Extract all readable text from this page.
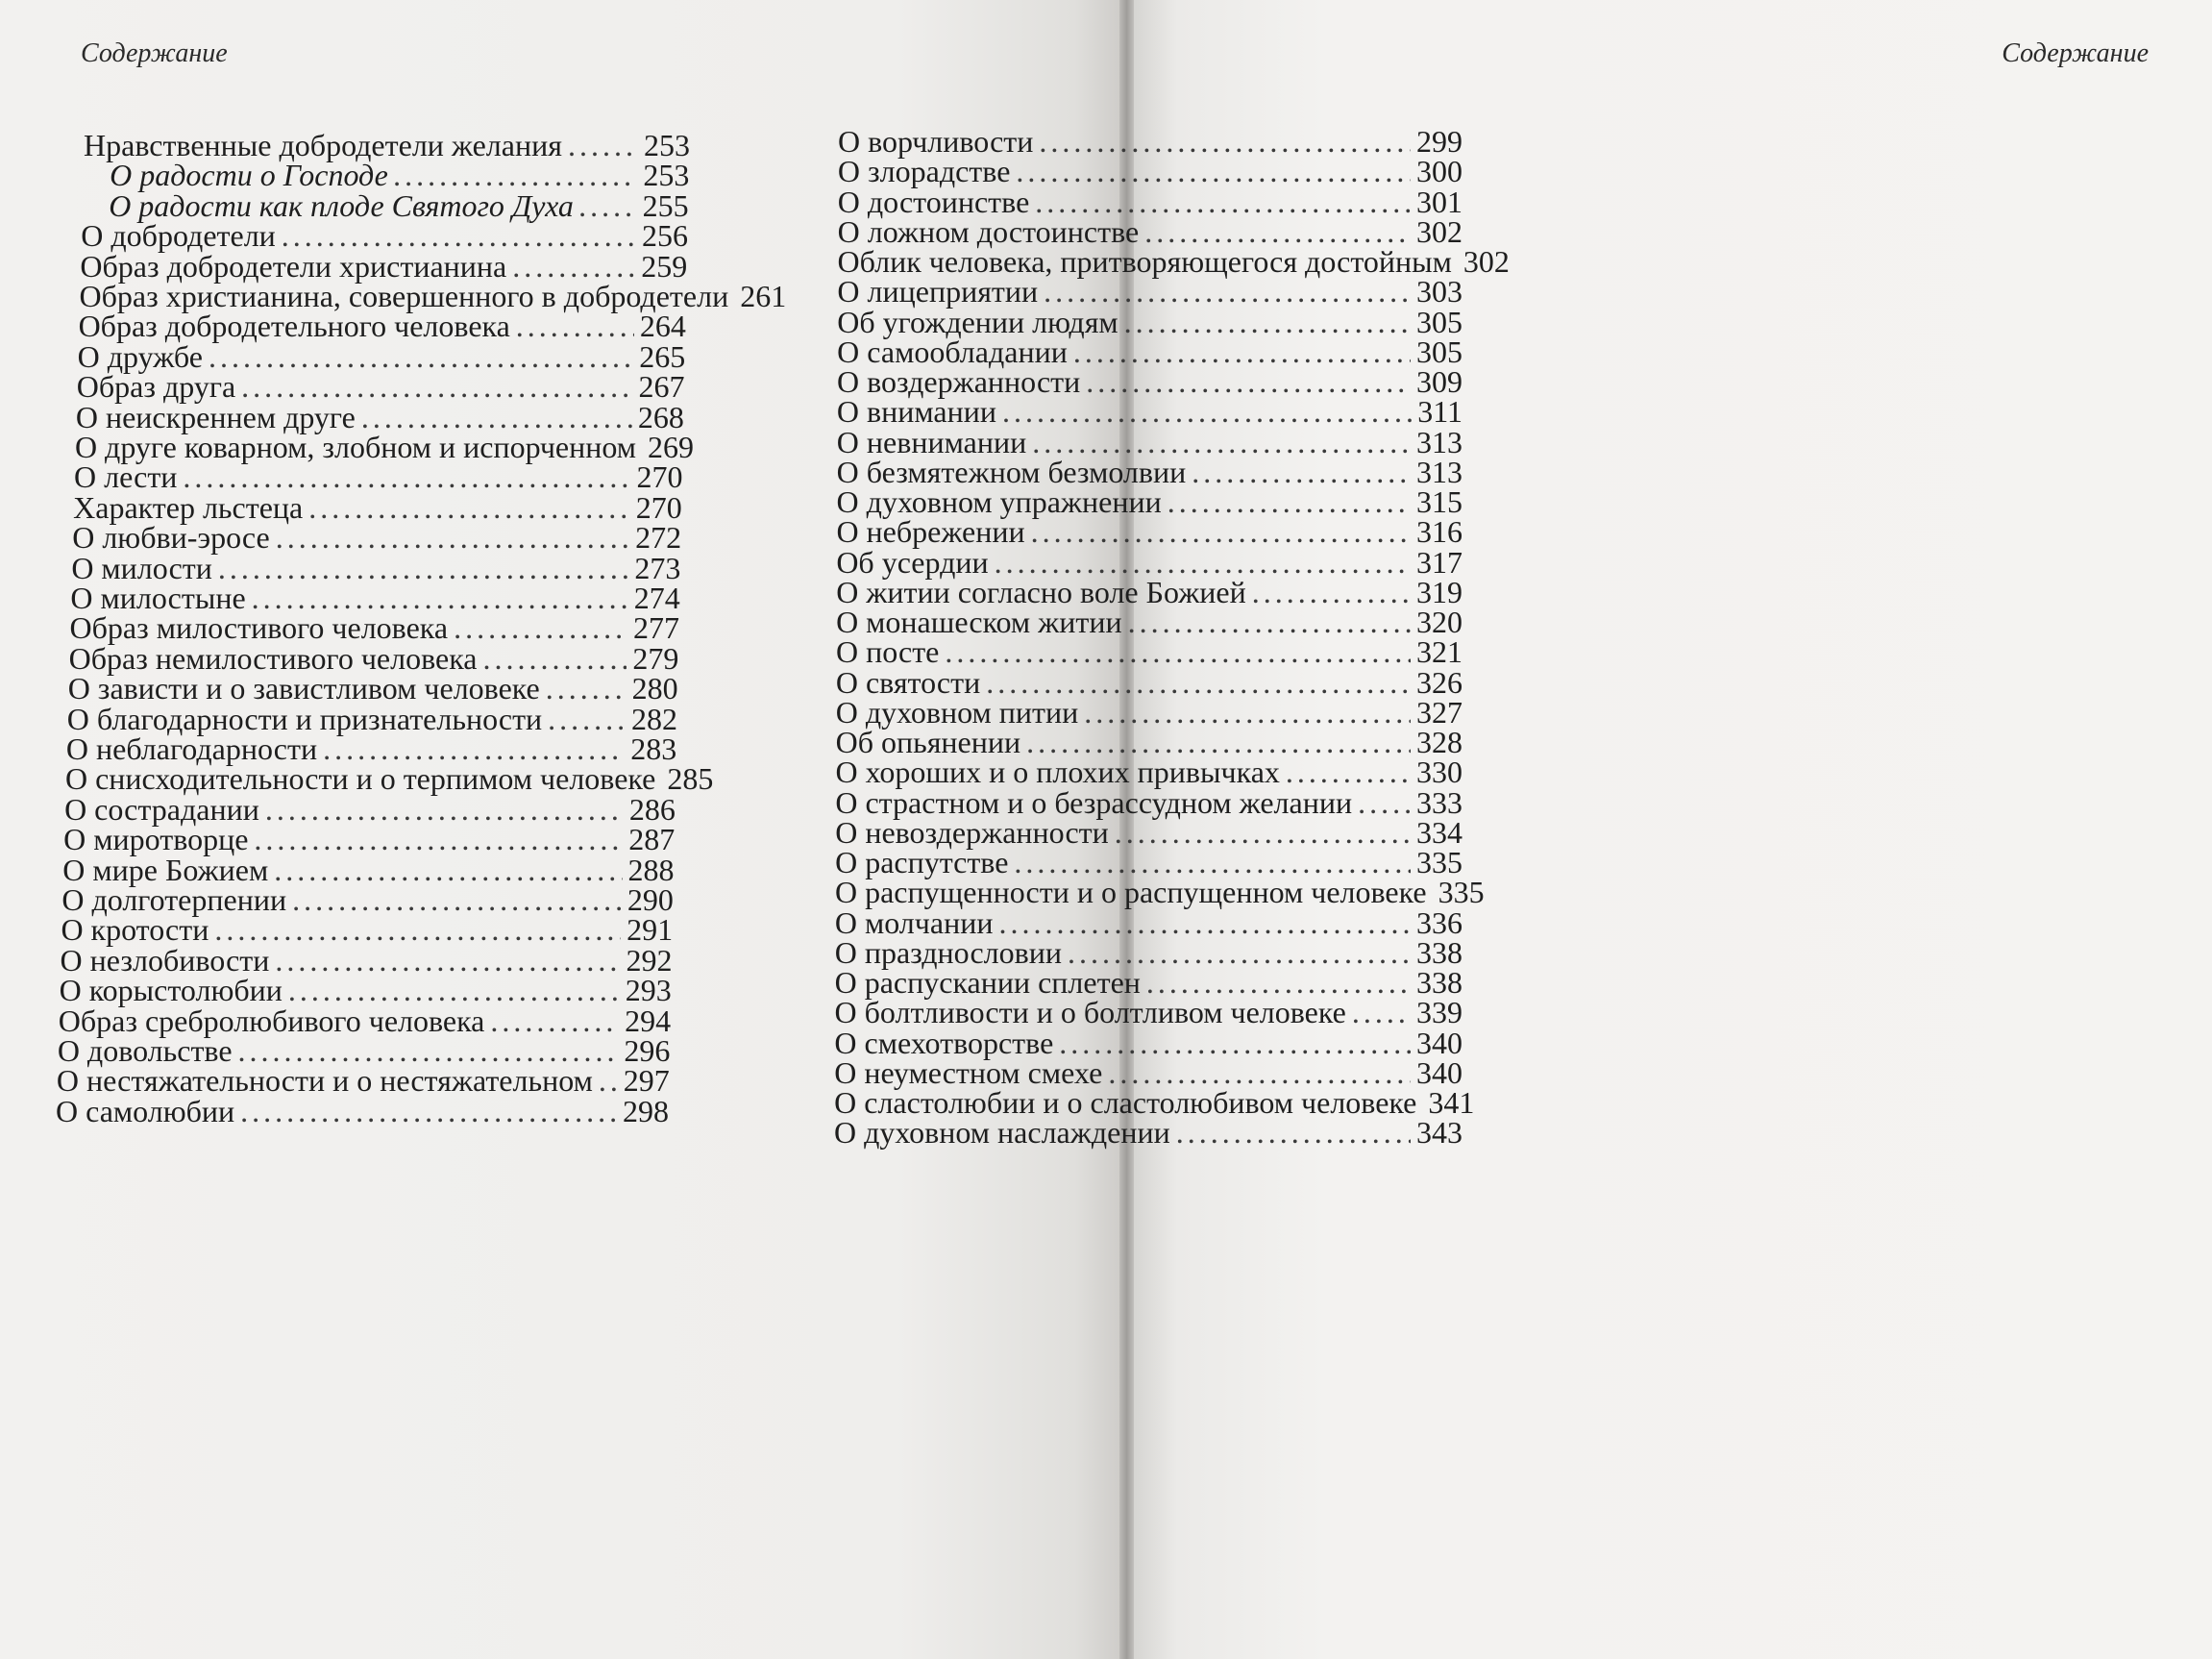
Содержание
Нравственные добродетели желания .....	253
О радости о Господе .....	253
О радости как плоде Святого Духа ..... 255
О добродетели .....	256
Образ добродетели христианина .....	259
Образ христианина, совершенного в добродетели 261
Образ добродетельного человека .....	264
О дружбе .....	265
Образ друга .....	267
О неискреннем друге .....	268
О друге коварном, злобном и испорченном 269
О лести .....	270
Характер льстеца .....	270
О любви-эросе .....	272
О милости .....	273
О милостыне .....	274
Образ милостивого человека .....	277
Образ немилостивого человека .....	279
О зависти и о завистливом человеке .....	280
О благодарности и признательности .....	282
О неблагодарности .....	283
О снисходительности и о терпимом человеке 285
О сострадании .....	286
О миротворце .....	287
О мире Божием .....	288
О долготерпении .....	290
О кротости .....	291
О незлобивости .....	292
О корыстолюбии .....	293
Образ сребролюбивого человека .....	294
О довольстве .....	296
О нестяжательности и о нестяжательном ..... 297
О самолюбии .....	298
Содержание
О ворчливости .....	299
О злорадстве .....	300
О достоинстве .....	301
О ложном достоинстве .....	302
Облик человека, притворяющегося достойным 302
О лицеприятии .....	303
Об угождении людям .....	305
О самообладании .....	305
О воздержанности .....	309
О внимании .....	311
О невнимании .....	313
О безмятежном безмолвии .....	313
О духовном упражнении .....	315
О небрежении .....	316
Об усердии .....	317
О житии согласно воле Божией .....	319
О монашеском житии .....	320
О посте .....	321
О святости .....	326
О духовном питии .....	327
Об опьянении .....	328
О хороших и о плохих привычках .....	330
О страстном и о безрассудном желании ..... 333
О невоздержанности .....	334
О распутстве .....	335
О распущенности и о распущенном человеке 335
О молчании .....	336
О празднословии .....	338
О распускании сплетен .....	338
О болтливости и о болтливом человеке ..... 339
О смехотворстве .....	340
О неуместном смехе .....	340
О сластолюбии и о сластолюбивом человеке 341
О духовном наслаждении .....	343
